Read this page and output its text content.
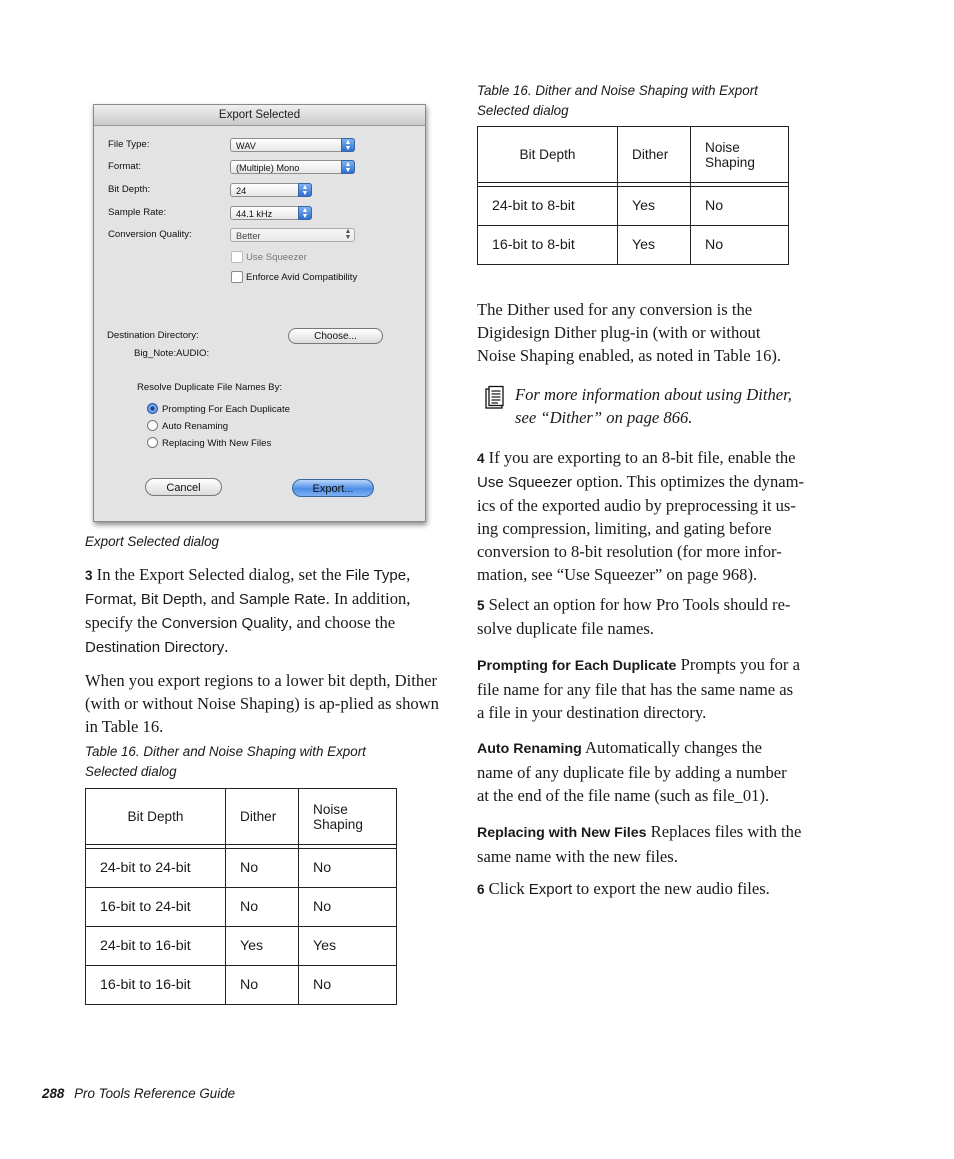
Export Selected
File Type:	WAV	▲
▼
Format:	(Multiple) Mono	▲
▼
Bit Depth:	24	▲
▼
Sample Rate:	44.1 kHz	▲
▼
Conversion Quality:	Better	▲
▼
Use Squeezer
Enforce Avid Compatibility
Destination Directory:	Choose...
Big_Note:AUDIO:
Resolve Duplicate File Names By:
Prompting For Each Duplicate
Auto Renaming
Replacing With New Files
Cancel	Export...
Export Selected dialog
3 In the Export Selected dialog, set the File Type, Format, Bit Depth, and Sample Rate. In addition, specify the Conversion Quality, and choose the Destination Directory.
When you export regions to a lower bit depth, Dither (with or without Noise Shaping) is ap-plied as shown in Table 16.
Table 16. Dither and Noise Shaping with Export
Selected dialog
Bit Depth	Dither	Noise
Shaping

24-bit to 24-bit	No	No
16-bit to 24-bit	No	No
24-bit to 16-bit	Yes	Yes
16-bit to 16-bit	No	No
Table 16. Dither and Noise Shaping with Export
Selected dialog
Bit Depth	Dither	Noise
Shaping

24-bit to 8-bit	Yes	No
16-bit to 8-bit	Yes	No
The Dither used for any conversion is the
Digidesign Dither plug-in (with or without
Noise Shaping enabled, as noted in Table 16).
For more information about using Dither,
see “Dither” on page 866.
4 If you are exporting to an 8-bit file, enable the
Use Squeezer option. This optimizes the dynam-
ics of the exported audio by preprocessing it us-
ing compression, limiting, and gating before
conversion to 8-bit resolution (for more infor-
mation, see “Use Squeezer” on page 968).
5 Select an option for how Pro Tools should re-
solve duplicate file names.
Prompting for Each Duplicate Prompts you for a
file name for any file that has the same name as
a file in your destination directory.
Auto Renaming Automatically changes the
name of any duplicate file by adding a number
at the end of the file name (such as file_01).
Replacing with New Files Replaces files with the
same name with the new files.
6 Click Export to export the new audio files.
288 Pro Tools Reference Guide
